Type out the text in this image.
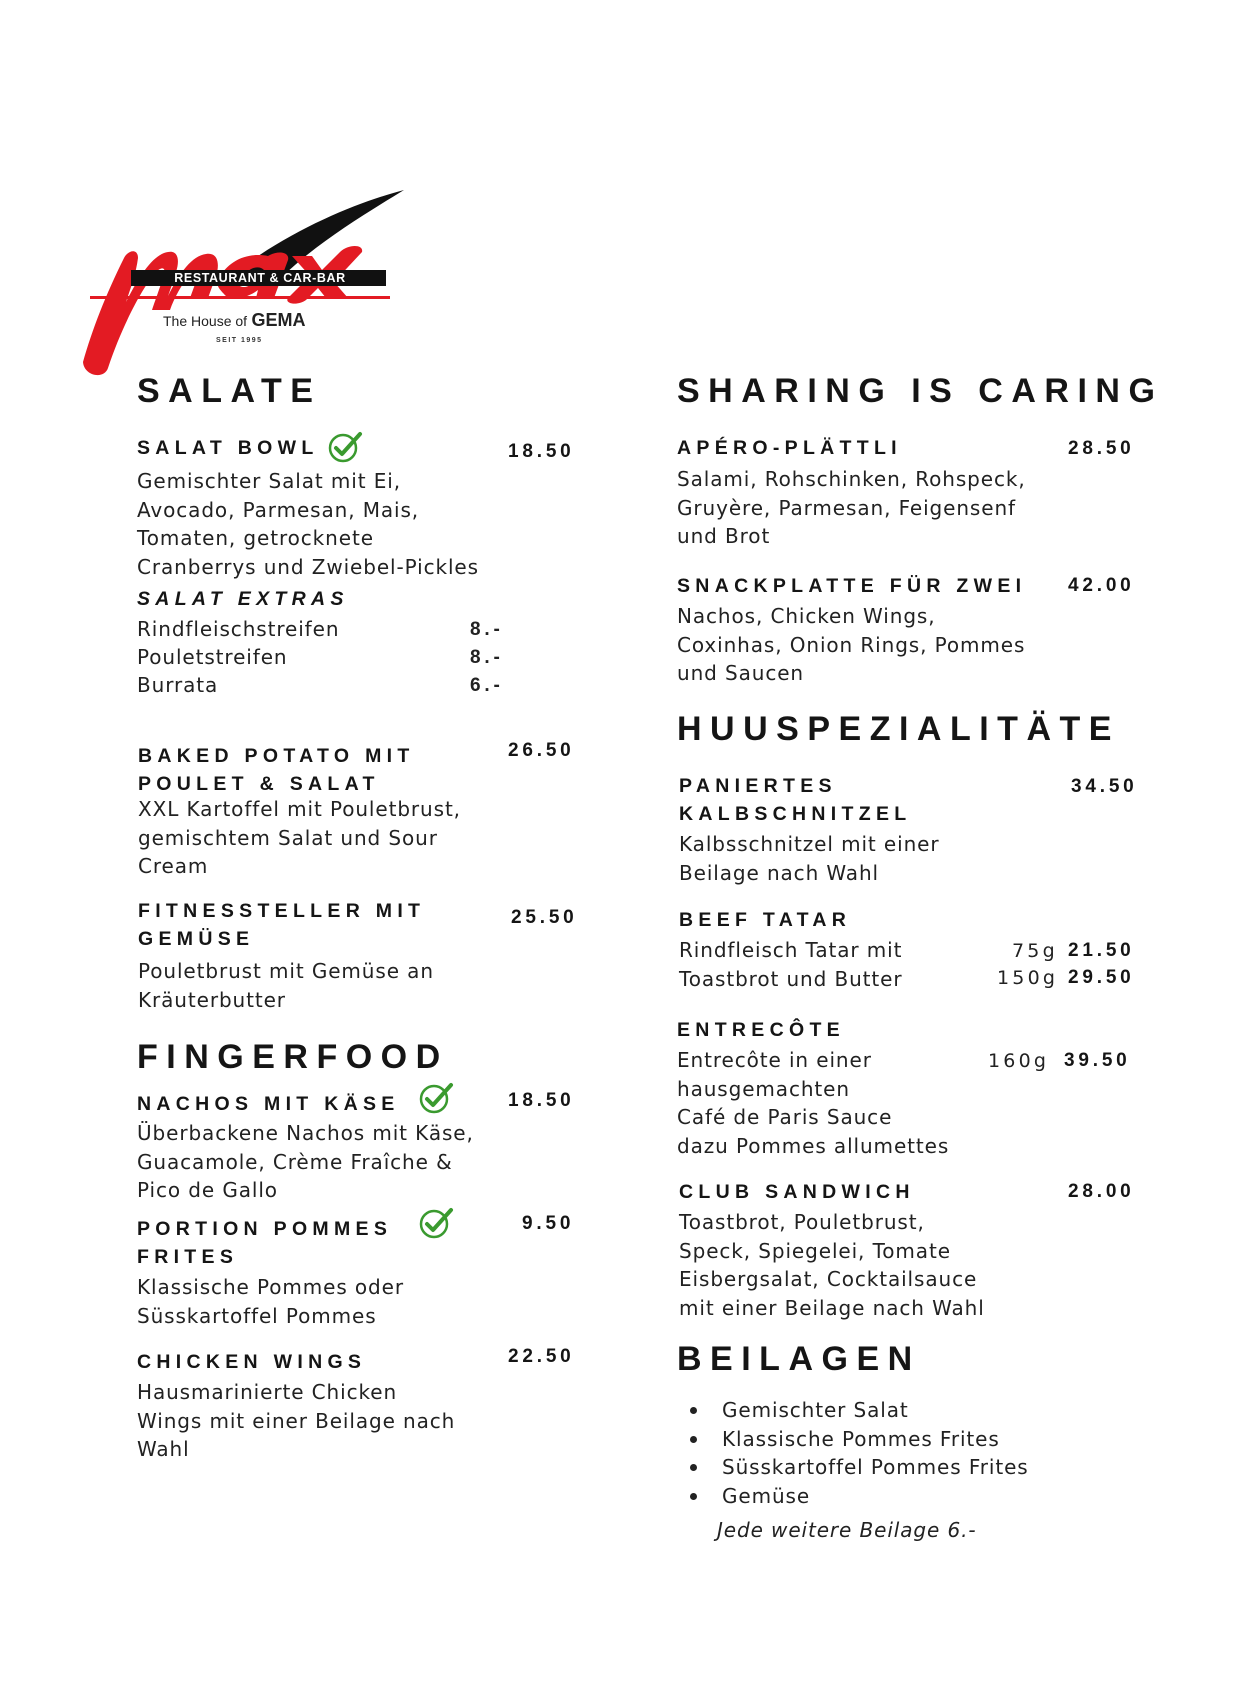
RESTAURANT & CAR-BAR
The House of GEMA
SEIT 1995
SALATE
SALAT BOWL	18.50
Gemischter Salat mit Ei,
Avocado, Parmesan, Mais,
Tomaten, getrocknete
Cranberrys und Zwiebel-Pickles
SALAT EXTRAS
Rindfleischstreifen	8.-
Pouletstreifen	8.-
Burrata	6.-
BAKED POTATO MIT
POULET & SALAT
26.50
XXL Kartoffel mit Pouletbrust,
gemischtem Salat und Sour
Cream
FITNESSTELLER MIT
GEMÜSE
25.50
Pouletbrust mit Gemüse an
Kräuterbutter
FINGERFOOD
NACHOS MIT KÄSE	18.50
Überbackene Nachos mit Käse,
Guacamole, Crème Fraîche &
Pico de Gallo
PORTION POMMES
FRITES
9.50
Klassische Pommes oder
Süsskartoffel Pommes
CHICKEN WINGS	22.50
Hausmarinierte Chicken
Wings mit einer Beilage nach
Wahl
SHARING IS CARING
APÉRO-PLÄTTLI	28.50
Salami, Rohschinken, Rohspeck,
Gruyère, Parmesan, Feigensenf
und Brot
SNACKPLATTE FÜR ZWEI 42.00
Nachos, Chicken Wings,
Coxinhas, Onion Rings, Pommes
und Saucen
HUUSPEZIALITÄTE
PANIERTES
KALBSCHNITZEL
34.50
Kalbsschnitzel mit einer
Beilage nach Wahl
BEEF TATAR
Rindfleisch Tatar mit
Toastbrot und Butter
75g 21.50
150g 29.50
ENTRECÔTE
Entrecôte in einer
hausgemachten
Café de Paris Sauce
dazu Pommes allumettes
160g 39.50
CLUB SANDWICH	28.00
Toastbrot, Pouletbrust,
Speck, Spiegelei, Tomate
Eisbergsalat, Cocktailsauce
mit einer Beilage nach Wahl
BEILAGEN
Gemischter Salat
Klassische Pommes Frites
Süsskartoffel Pommes Frites
Gemüse
Jede weitere Beilage 6.-
